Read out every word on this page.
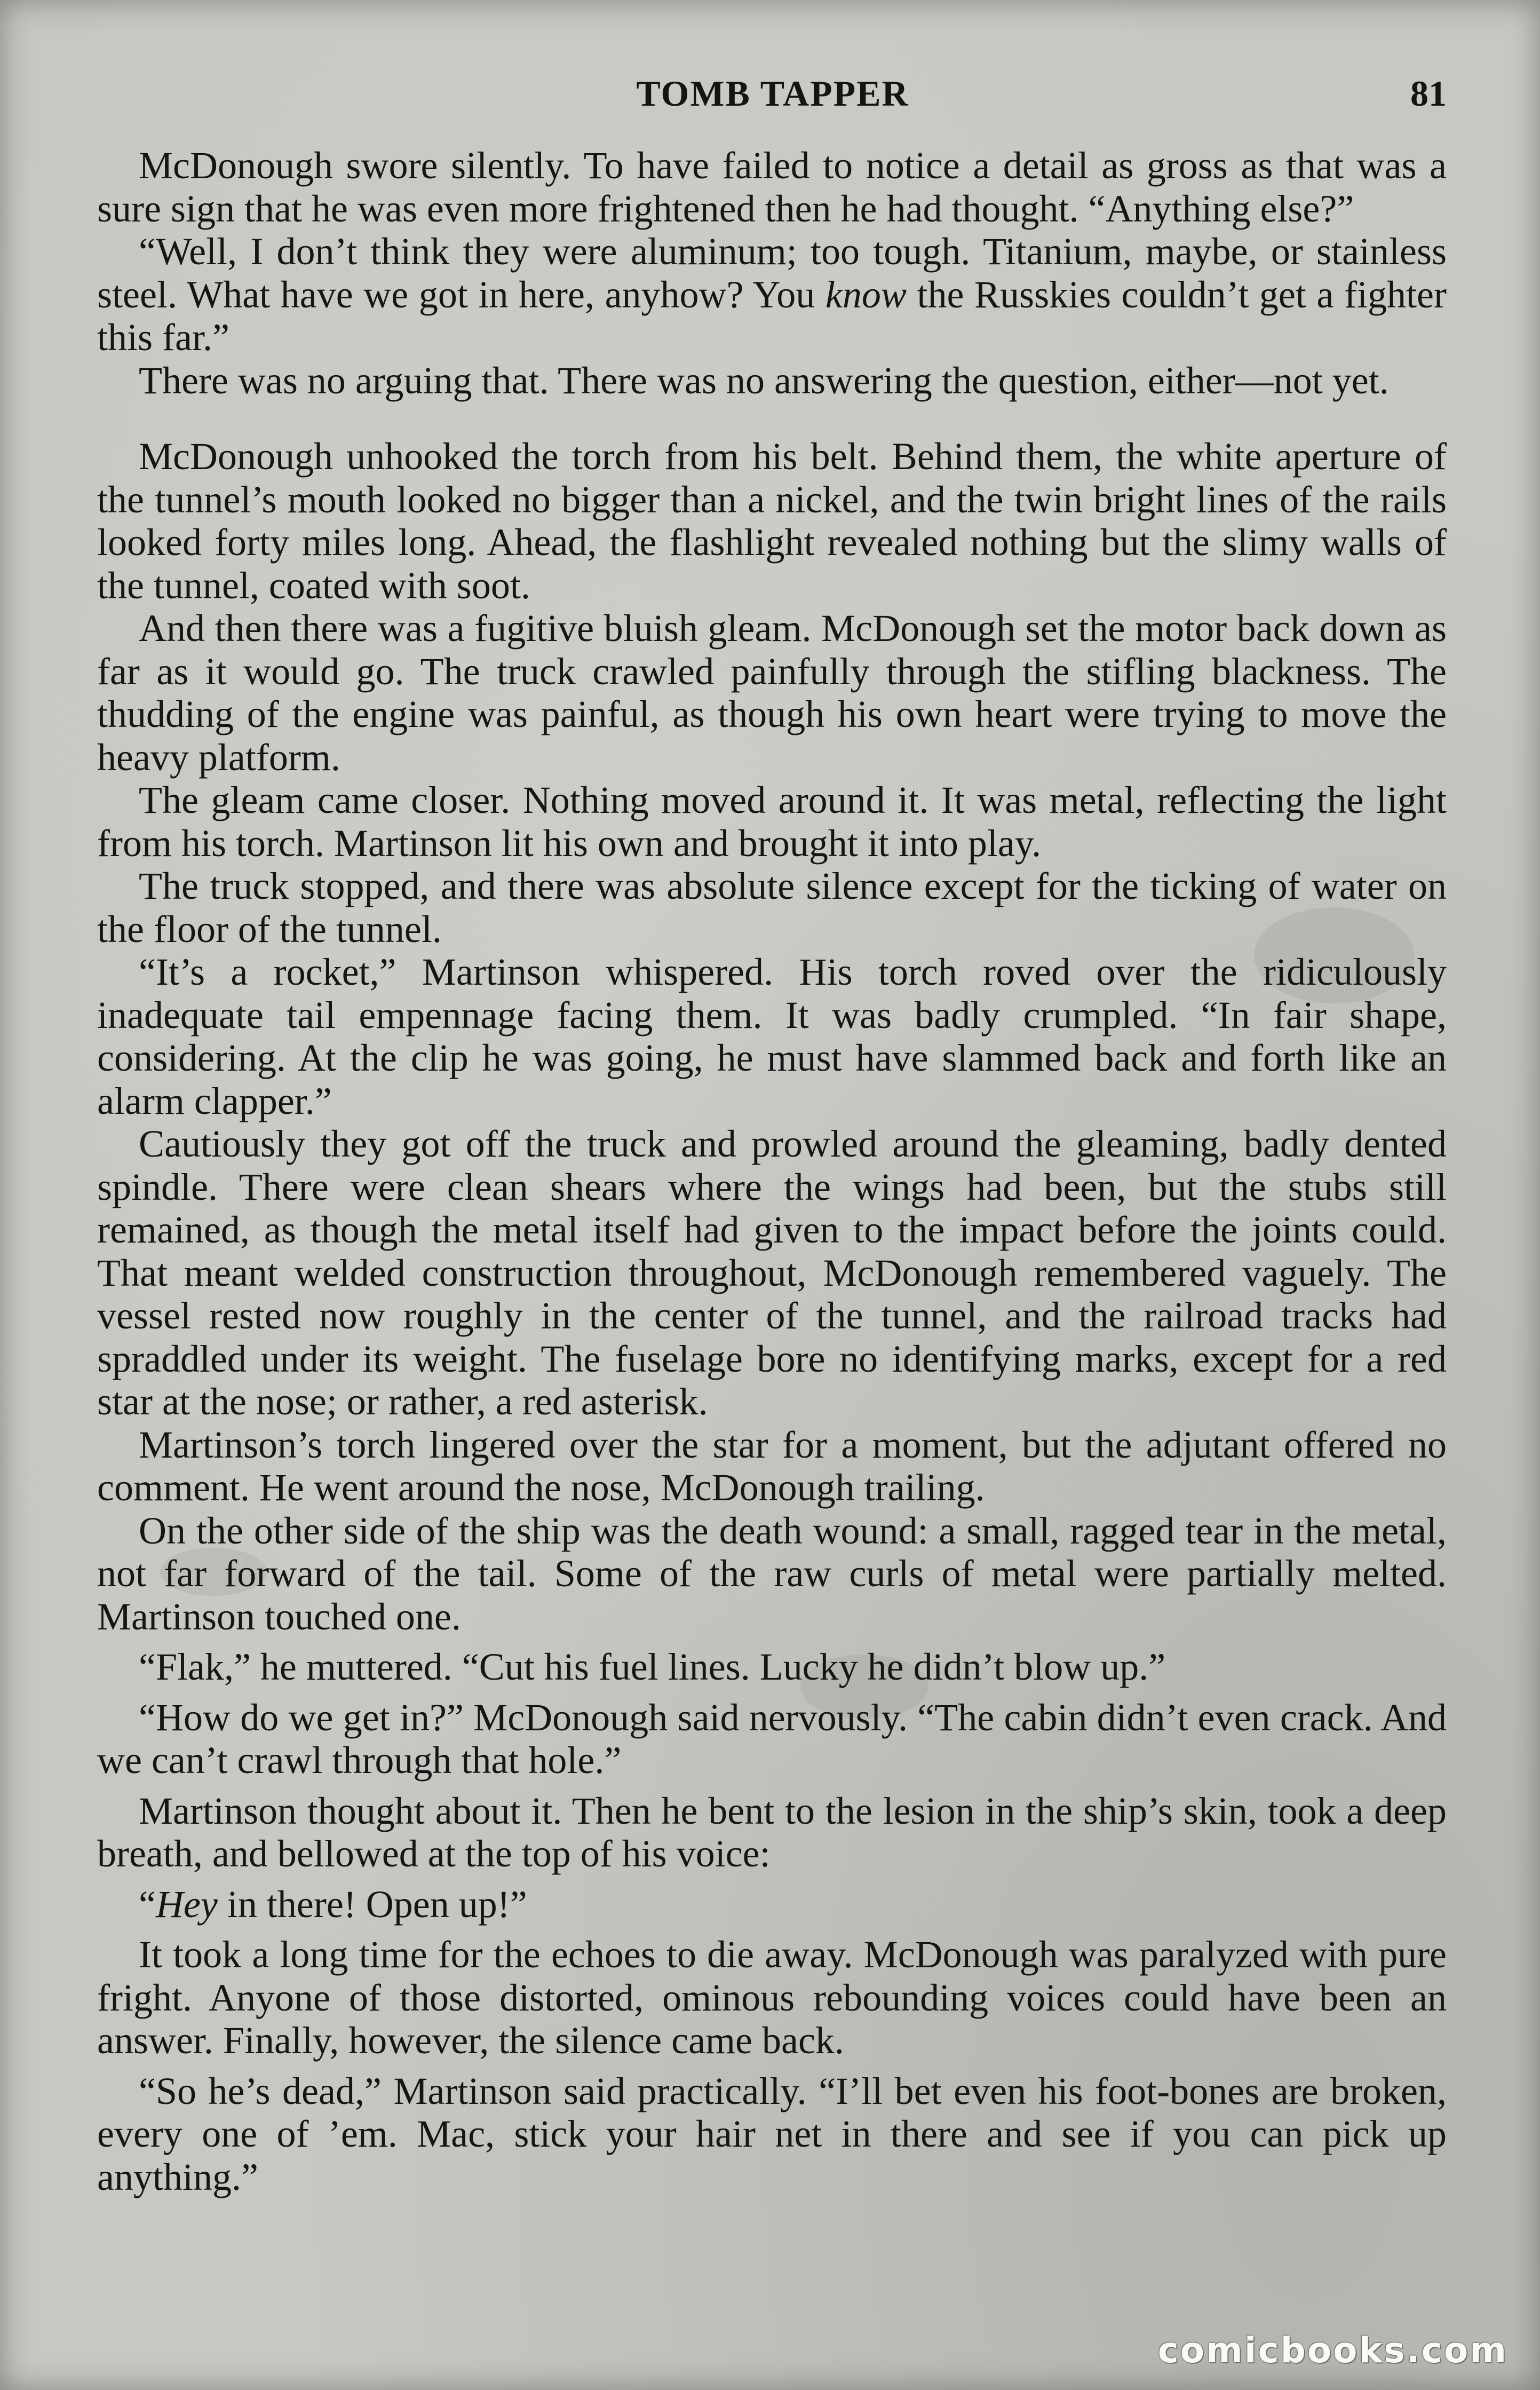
TOMB TAPPER	81

McDonough swore silently. To have failed to notice a detail as gross as that was a sure sign that he was even more frightened then he had thought. “Anything else?”

“Well, I don’t think they were aluminum; too tough. Titanium, maybe, or stainless steel. What have we got in here, anyhow? You know the Russkies couldn’t get a fighter this far.”

There was no arguing that. There was no answering the question, either—not yet.

McDonough unhooked the torch from his belt. Behind them, the white aperture of the tunnel’s mouth looked no bigger than a nickel, and the twin bright lines of the rails looked forty miles long. Ahead, the flashlight revealed nothing but the slimy walls of the tunnel, coated with soot.

And then there was a fugitive bluish gleam. McDonough set the motor back down as far as it would go. The truck crawled painfully through the stifling blackness. The thudding of the engine was painful, as though his own heart were trying to move the heavy platform.

The gleam came closer. Nothing moved around it. It was metal, reflecting the light from his torch. Martinson lit his own and brought it into play.

The truck stopped, and there was absolute silence except for the ticking of water on the floor of the tunnel.

“It’s a rocket,” Martinson whispered. His torch roved over the ridiculously inadequate tail empennage facing them. It was badly crumpled. “In fair shape, considering. At the clip he was going, he must have slammed back and forth like an alarm clapper.”

Cautiously they got off the truck and prowled around the gleaming, badly dented spindle. There were clean shears where the wings had been, but the stubs still remained, as though the metal itself had given to the impact before the joints could. That meant welded construction throughout, McDonough remembered vaguely. The vessel rested now roughly in the center of the tunnel, and the railroad tracks had spraddled under its weight. The fuselage bore no identifying marks, except for a red star at the nose; or rather, a red asterisk.

Martinson’s torch lingered over the star for a moment, but the adjutant offered no comment. He went around the nose, McDonough trailing.

On the other side of the ship was the death wound: a small, ragged tear in the metal, not far forward of the tail. Some of the raw curls of metal were partially melted. Martinson touched one.

“Flak,” he muttered. “Cut his fuel lines. Lucky he didn’t blow up.”

“How do we get in?” McDonough said nervously. “The cabin didn’t even crack. And we can’t crawl through that hole.”

Martinson thought about it. Then he bent to the lesion in the ship’s skin, took a deep breath, and bellowed at the top of his voice:

“Hey in there! Open up!”

It took a long time for the echoes to die away. McDonough was paralyzed with pure fright. Anyone of those distorted, ominous rebounding voices could have been an answer. Finally, however, the silence came back.

“So he’s dead,” Martinson said practically. “I’ll bet even his foot-bones are broken, every one of ’em. Mac, stick your hair net in there and see if you can pick up anything.”

comicbooks.com
